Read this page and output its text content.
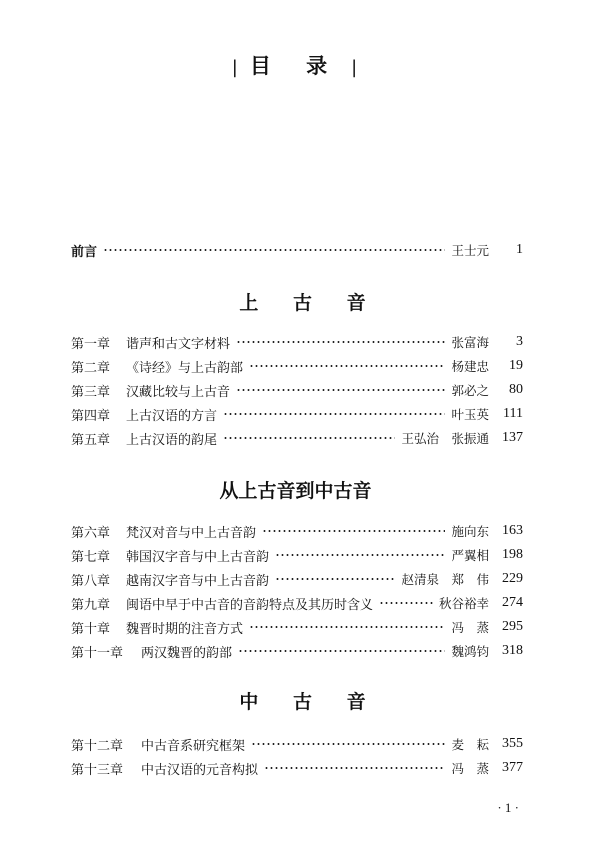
| 目 录 |
前言	王士元	1
上 古 音
第一章	谐声和古文字材料	张富海	3
第二章	《诗经》与上古韵部	杨建忠	19
第三章	汉藏比较与上古音	郭必之	80
第四章	上古汉语的方言	叶玉英	111
第五章	上古汉语的韵尾	王弘治　张振通 137
从上古音到中古音
第六章	梵汉对音与中上古音韵	施向东 163
第七章	韩国汉字音与中上古音韵	严翼相 198
第八章	越南汉字音与中上古音韵	赵清泉　郑　伟 229
第九章	闽语中早于中古音的音韵特点及其历时含义	秋谷裕幸 274
第十章	魏晋时期的注音方式	冯　蒸 295
第十一章	两汉魏晋的韵部	魏鸿钧 318
中 古 音
第十二章	中古音系研究框架	麦　耘 355
第十三章	中古汉语的元音构拟	冯　蒸 377
· 1 ·
